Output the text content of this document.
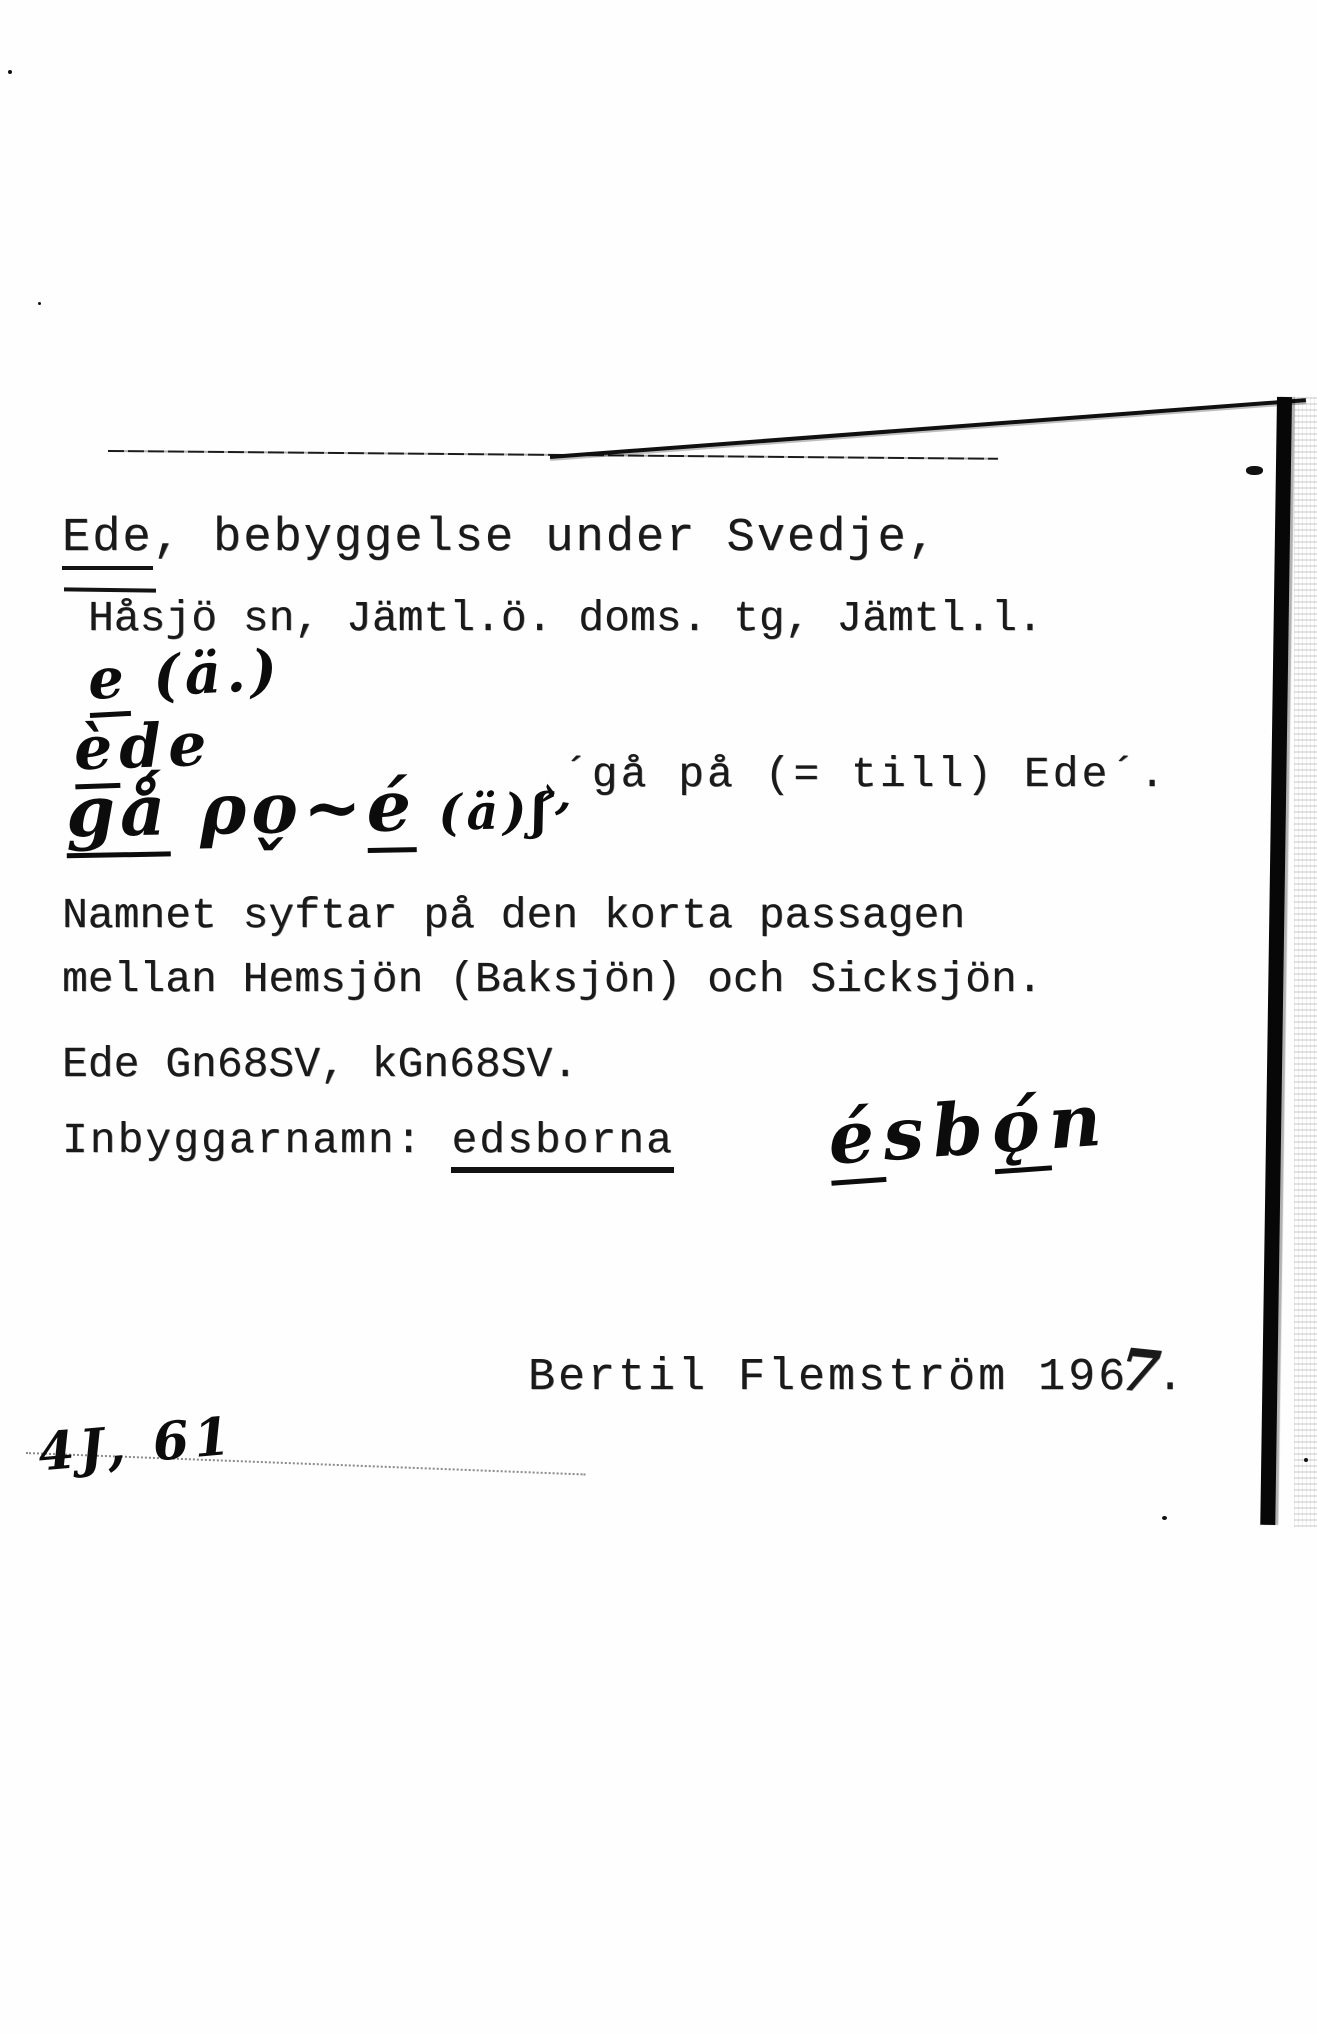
Ede, bebyggelse under Svedje,
Håsjö sn, Jämtl.ö. doms. tg, Jämtl.l.
e (ä.)
ède
gǻ ρo̬~é (ä)ʃ
›,
´gå på (= till) Ede´.
Namnet syftar på den korta passagen
mellan Hemsjön (Baksjön) och Sicksjön.
Ede Gn68SV, kGn68SV.
Inbyggarnamn: edsborna ésbǫ́n
Bertil Flemström 1967.
4J, 61
